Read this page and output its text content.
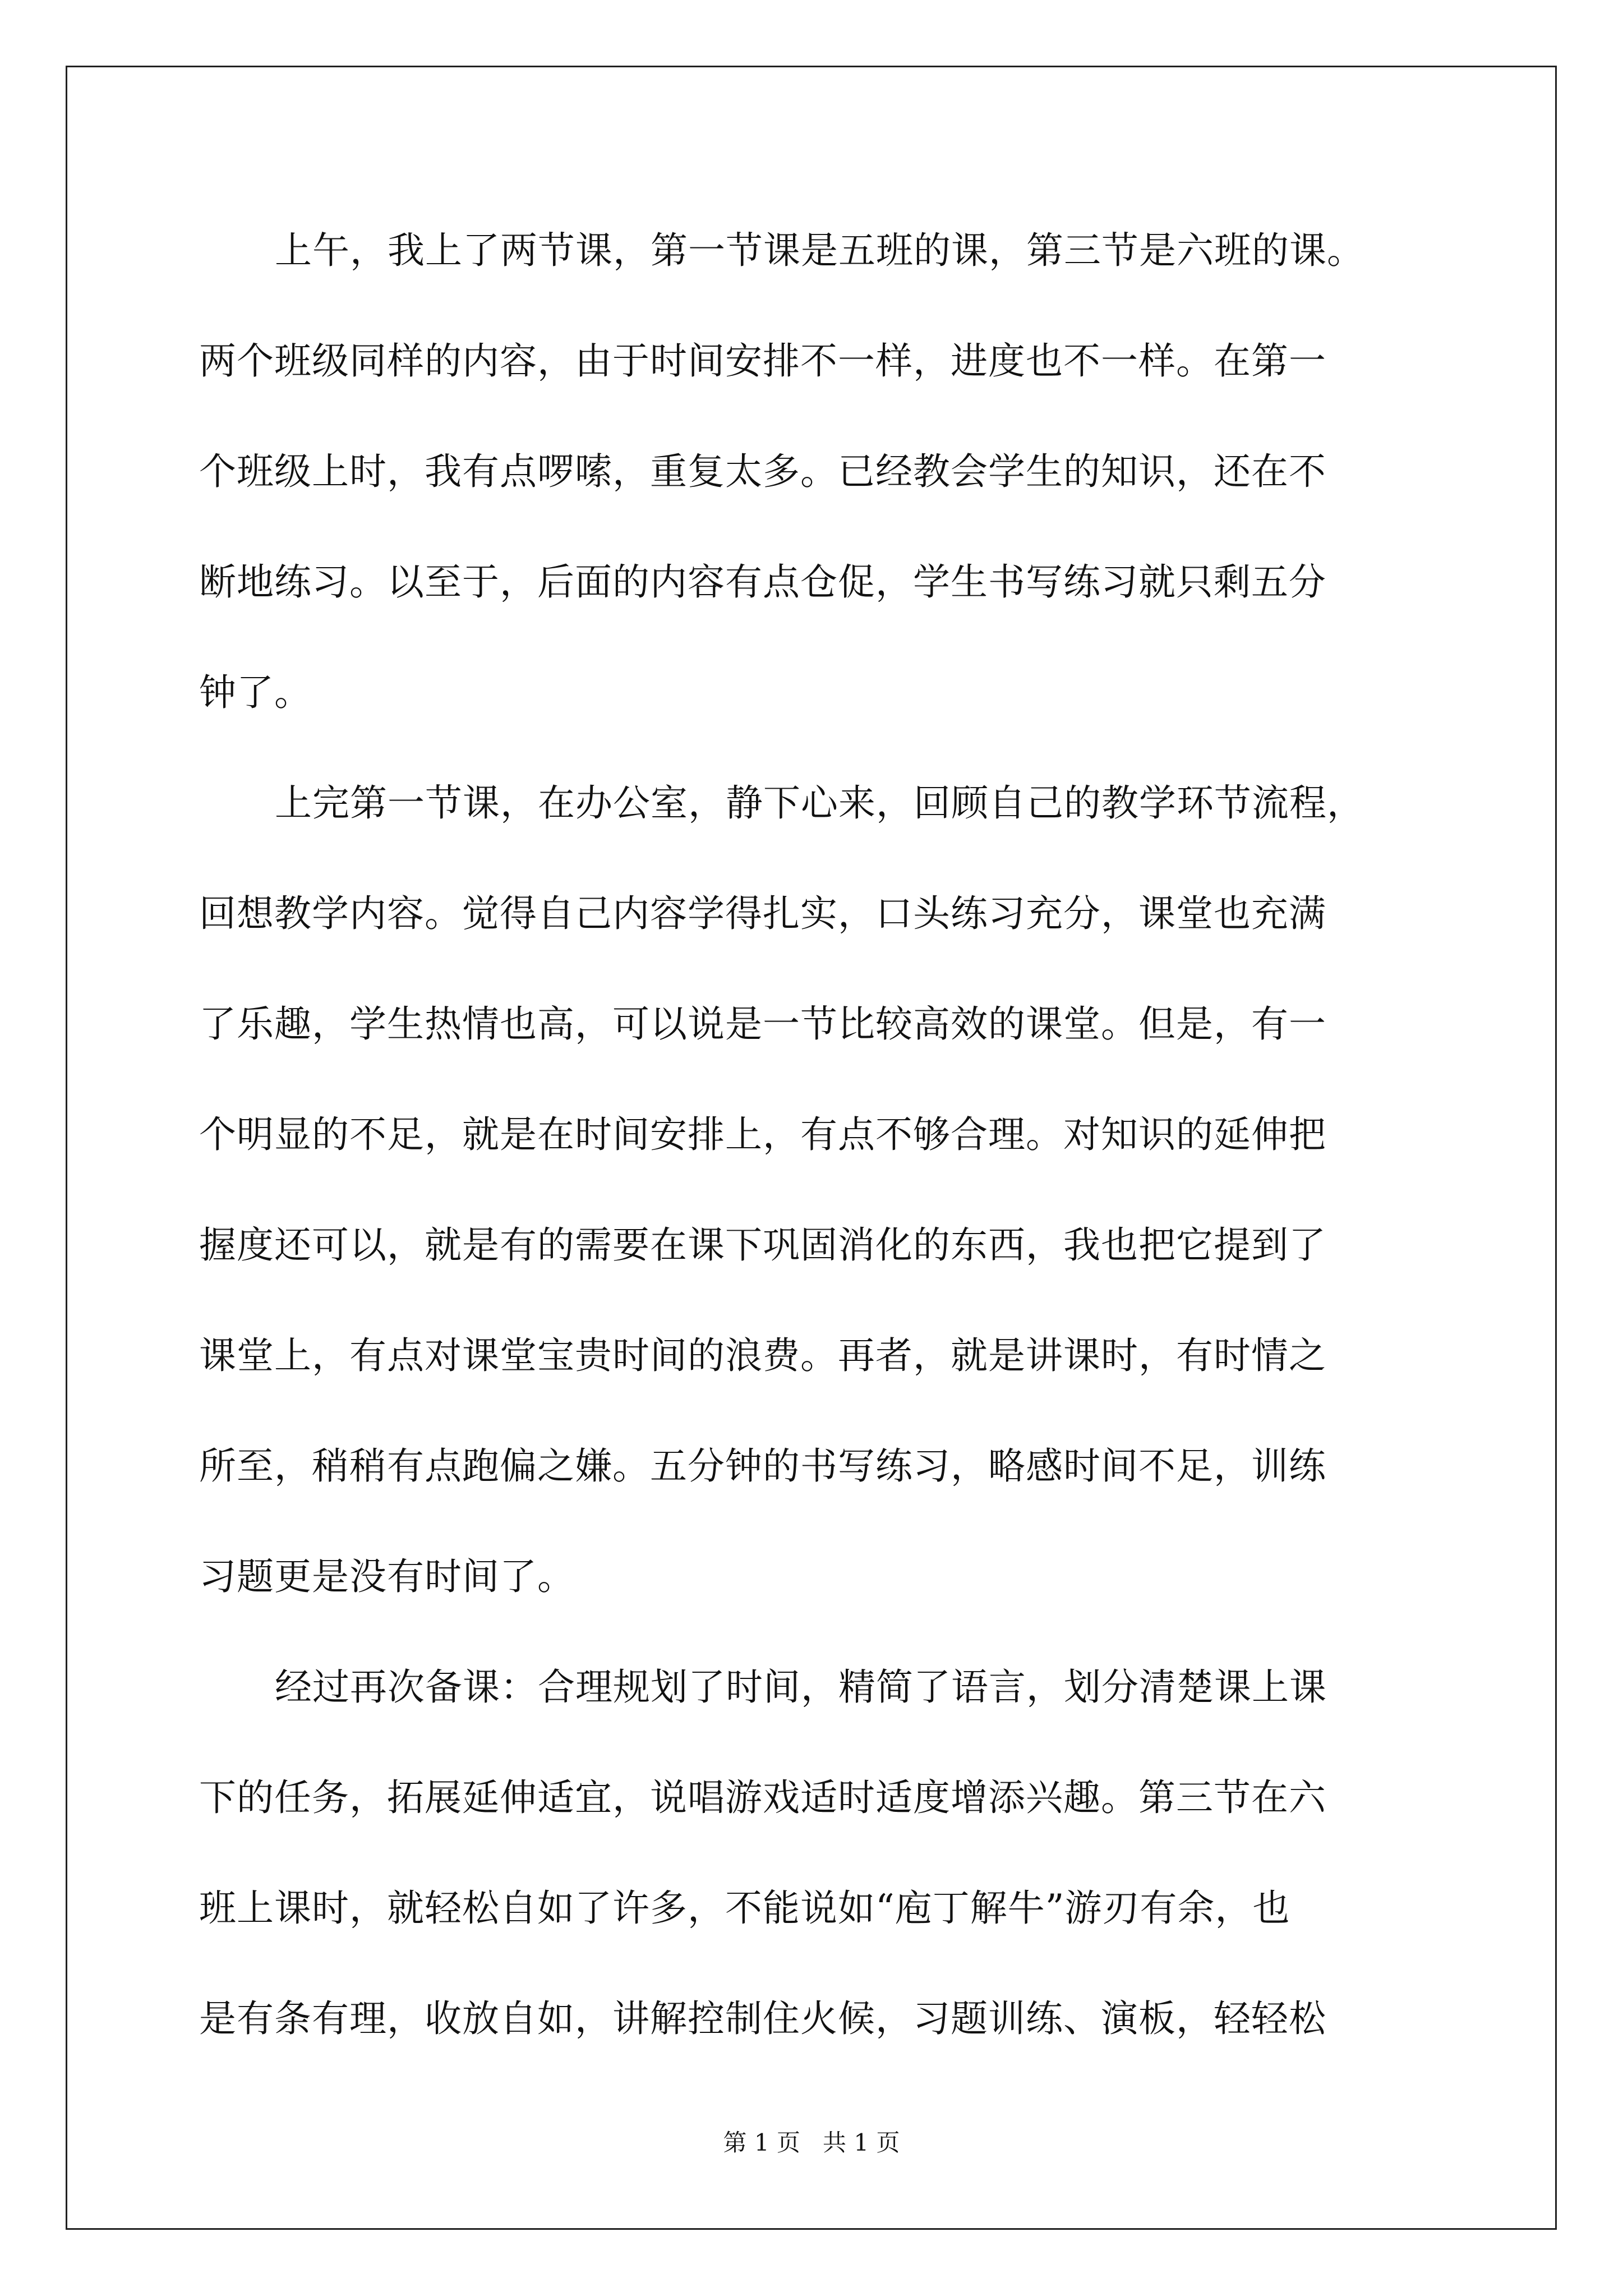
上午，我上了两节课，第一节课是五班的课，第三节是六班的课。
两个班级同样的内容，由于时间安排不一样，进度也不一样。在第一
个班级上时，我有点啰嗦，重复太多。已经教会学生的知识，还在不
断地练习。以至于，后面的内容有点仓促，学生书写练习就只剩五分
钟了。
上完第一节课，在办公室，静下心来，回顾自己的教学环节流程，
回想教学内容。觉得自己内容学得扎实，口头练习充分，课堂也充满
了乐趣，学生热情也高，可以说是一节比较高效的课堂。但是，有一
个明显的不足，就是在时间安排上，有点不够合理。对知识的延伸把
握度还可以，就是有的需要在课下巩固消化的东西，我也把它提到了
课堂上，有点对课堂宝贵时间的浪费。再者，就是讲课时，有时情之
所至，稍稍有点跑偏之嫌。五分钟的书写练习，略感时间不足，训练
习题更是没有时间了。
经过再次备课：合理规划了时间，精简了语言，划分清楚课上课
下的任务，拓展延伸适宜，说唱游戏适时适度增添兴趣。第三节在六
班上课时，就轻松自如了许多，不能说如“庖丁解牛”游刃有余，也
是有条有理，收放自如，讲解控制住火候，习题训练、演板，轻轻松
第 1 页   共 1 页
